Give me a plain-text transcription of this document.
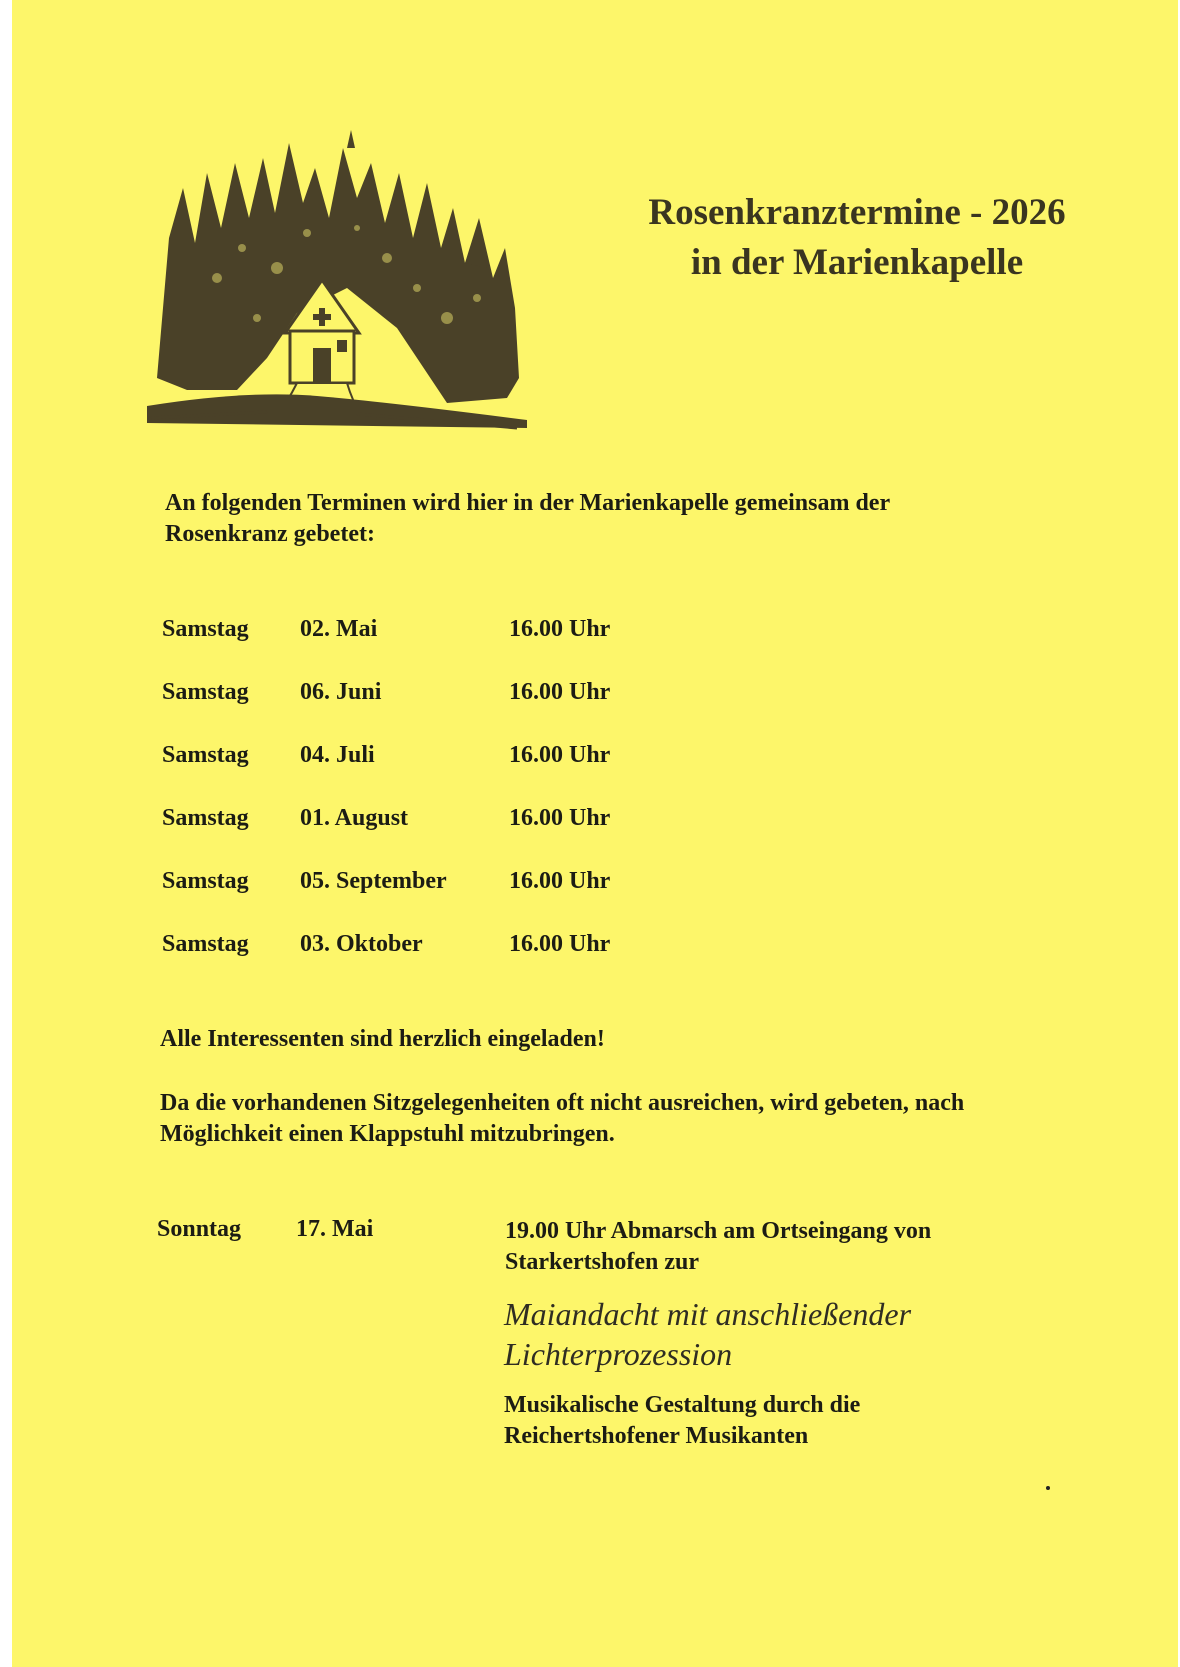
Rosenkranztermine - 2026
in der Marienkapelle
An folgenden Terminen wird hier in der Marienkapelle gemeinsam der
Rosenkranz gebetet:
Samstag 02. Mai	16.00 Uhr
Samstag 06. Juni	16.00 Uhr
Samstag 04. Juli	16.00 Uhr
Samstag 01. August	16.00 Uhr
Samstag 05. September	16.00 Uhr
Samstag 03. Oktober	16.00 Uhr
Alle Interessenten sind herzlich eingeladen!
Da die vorhandenen Sitzgelegenheiten oft nicht ausreichen, wird gebeten, nach
Möglichkeit einen Klappstuhl mitzubringen.
Sonntag 17. Mai	19.00 Uhr Abmarsch am Ortseingang von
Starkertshofen zur
Maiandacht mit anschließender
Lichterprozession
Musikalische Gestaltung durch die
Reichertshofener Musikanten
